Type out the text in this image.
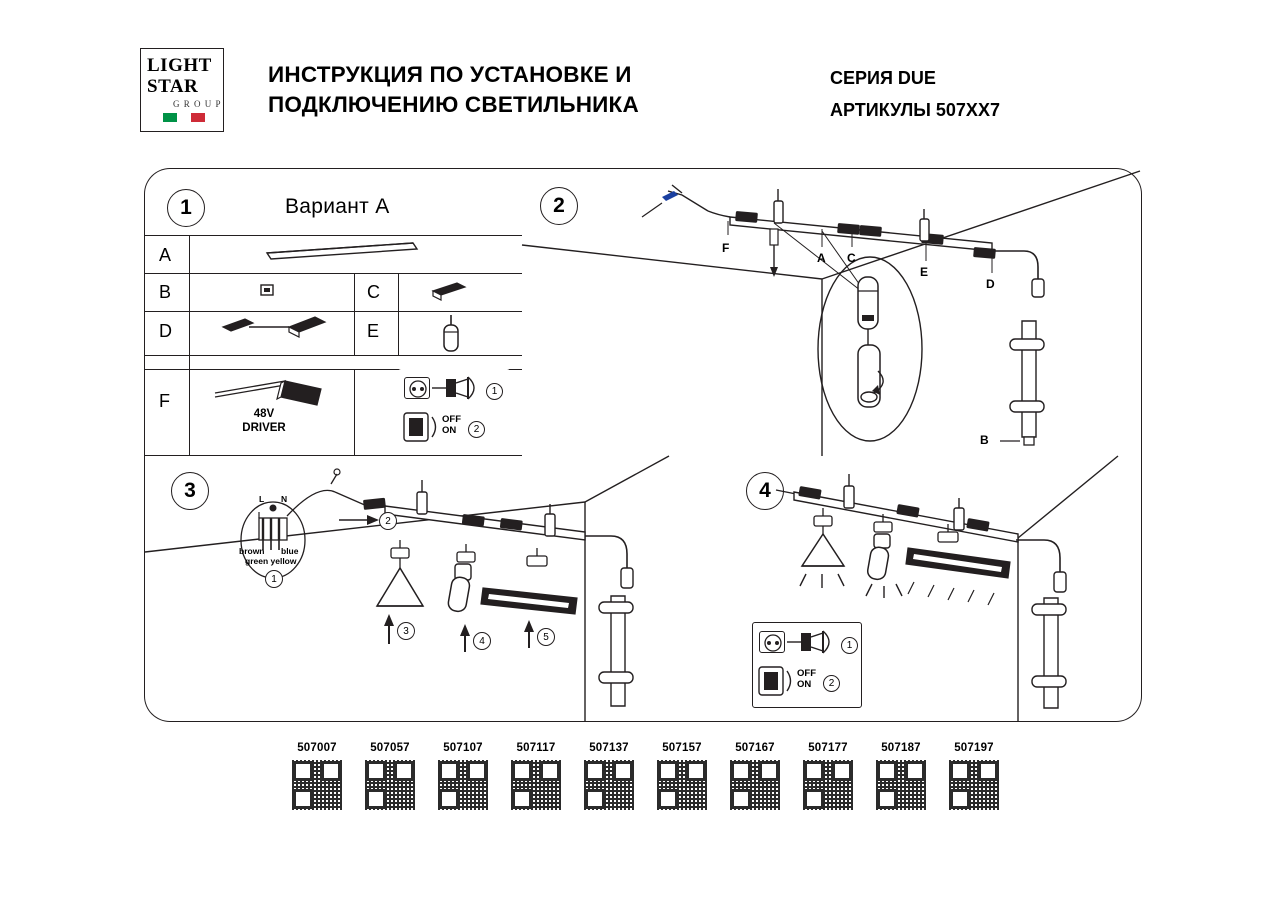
LIGHT
STAR
G R O U P
ИНСТРУКЦИЯ ПО УСТАНОВКЕ И
ПОДКЛЮЧЕНИЮ СВЕТИЛЬНИКА
СЕРИЯ DUE
АРТИКУЛЫ 507XX7
1	Вариант А
A
B	C
D	E
F
48V
DRIVER
OFF
ON
1
2
2
F
A C
E
D
B
3	L N
brown blue
green yellow
1
2
3
4	5
4
OFF
ON
1
2
507007	507057	507107	507117	507137	507157	507167	507177	507187	507197
